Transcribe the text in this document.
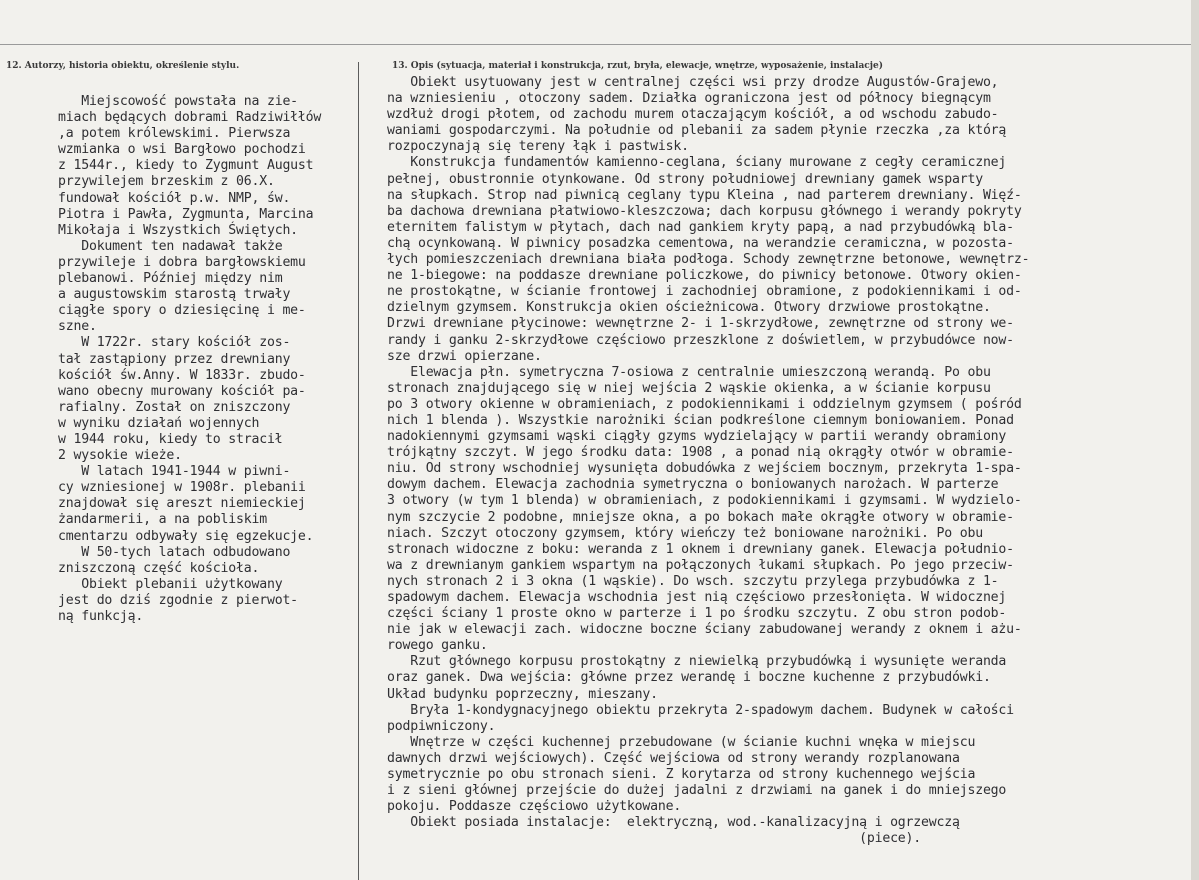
12. Autorzy, historia obiektu, określenie stylu.	13. Opis (sytuacja, materiał i konstrukcja, rzut, bryła, elewacje, wnętrze, wyposażenie, instalacje)
Miejscowość powstała na zie-
miach będących dobrami Radziwiłłów
,a potem królewskimi. Pierwsza
wzmianka o wsi Bargłowo pochodzi
z 1544r., kiedy to Zygmunt August
przywilejem brzeskim z 06.X.
fundował kościół p.w. NMP, św.
Piotra i Pawła, Zygmunta, Marcina
Mikołaja i Wszystkich Świętych.
Dokument ten nadawał także
przywileje i dobra bargłowskiemu
plebanowi. Później między nim
a augustowskim starostą trwały
ciągłe spory o dziesięcinę i me-
szne.
W 1722r. stary kościół zos-
tał zastąpiony przez drewniany
kościół św.Anny. W 1833r. zbudo-
wano obecny murowany kościół pa-
rafialny. Został on zniszczony
w wyniku działań wojennych
w 1944 roku, kiedy to stracił
2 wysokie wieże.
W latach 1941-1944 w piwni-
cy wzniesionej w 1908r. plebanii
znajdował się areszt niemieckiej
żandarmerii, a na pobliskim
cmentarzu odbywały się egzekucje.
W 50-tych latach odbudowano
zniszczoną część kościoła.
Obiekt plebanii użytkowany
jest do dziś zgodnie z pierwot-
ną funkcją.
Obiekt usytuowany jest w centralnej części wsi przy drodze Augustów-Grajewo,
na wzniesieniu , otoczony sadem. Działka ograniczona jest od północy biegnącym
wzdłuż drogi płotem, od zachodu murem otaczającym kościół, a od wschodu zabudo-
waniami gospodarczymi. Na południe od plebanii za sadem płynie rzeczka ,za którą
rozpoczynają się tereny łąk i pastwisk.
Konstrukcja fundamentów kamienno-ceglana, ściany murowane z cegły ceramicznej
pełnej, obustronnie otynkowane. Od strony południowej drewniany gamek wsparty
na słupkach. Strop nad piwnicą ceglany typu Kleina , nad parterem drewniany. Więź-
ba dachowa drewniana płatwiowo-kleszczowa; dach korpusu głównego i werandy pokryty
eternitem falistym w płytach, dach nad gankiem kryty papą, a nad przybudówką bla-
chą ocynkowaną. W piwnicy posadzka cementowa, na werandzie ceramiczna, w pozosta-
łych pomieszczeniach drewniana biała podłoga. Schody zewnętrzne betonowe, wewnętrz-
ne 1-biegowe: na poddasze drewniane policzkowe, do piwnicy betonowe. Otwory okien-
ne prostokątne, w ścianie frontowej i zachodniej obramione, z podokiennikami i od-
dzielnym gzymsem. Konstrukcja okien ościeżnicowa. Otwory drzwiowe prostokątne.
Drzwi drewniane płycinowe: wewnętrzne 2- i 1-skrzydłowe, zewnętrzne od strony we-
randy i ganku 2-skrzydłowe częściowo przeszklone z doświetlem, w przybudówce now-
sze drzwi opierzane.
Elewacja płn. symetryczna 7-osiowa z centralnie umieszczoną werandą. Po obu
stronach znajdującego się w niej wejścia 2 wąskie okienka, a w ścianie korpusu
po 3 otwory okienne w obramieniach, z podokiennikami i oddzielnym gzymsem ( pośród
nich 1 blenda ). Wszystkie narożniki ścian podkreślone ciemnym boniowaniem. Ponad
nadokiennymi gzymsami wąski ciągły gzyms wydzielający w partii werandy obramiony
trójkątny szczyt. W jego środku data: 1908 , a ponad nią okrągły otwór w obramie-
niu. Od strony wschodniej wysunięta dobudówka z wejściem bocznym, przekryta 1-spa-
dowym dachem. Elewacja zachodnia symetryczna o boniowanych narożach. W parterze
3 otwory (w tym 1 blenda) w obramieniach, z podokiennikami i gzymsami. W wydzielo-
nym szczycie 2 podobne, mniejsze okna, a po bokach małe okrągłe otwory w obramie-
niach. Szczyt otoczony gzymsem, który wieńczy też boniowane narożniki. Po obu
stronach widoczne z boku: weranda z 1 oknem i drewniany ganek. Elewacja południo-
wa z drewnianym gankiem wspartym na połączonych łukami słupkach. Po jego przeciw-
nych stronach 2 i 3 okna (1 wąskie). Do wsch. szczytu przylega przybudówka z 1-
spadowym dachem. Elewacja wschodnia jest nią częściowo przesłonięta. W widocznej
części ściany 1 proste okno w parterze i 1 po środku szczytu. Z obu stron podob-
nie jak w elewacji zach. widoczne boczne ściany zabudowanej werandy z oknem i ażu-
rowego ganku.
Rzut głównego korpusu prostokątny z niewielką przybudówką i wysunięte weranda
oraz ganek. Dwa wejścia: główne przez werandę i boczne kuchenne z przybudówki.
Układ budynku poprzeczny, mieszany.
Bryła 1-kondygnacyjnego obiektu przekryta 2-spadowym dachem. Budynek w całości
podpiwniczony.
Wnętrze w części kuchennej przebudowane (w ścianie kuchni wnęka w miejscu
dawnych drzwi wejściowych). Część wejściowa od strony werandy rozplanowana
symetrycznie po obu stronach sieni. Z korytarza od strony kuchennego wejścia
i z sieni głównej przejście do dużej jadalni z drzwiami na ganek i do mniejszego
pokoju. Poddasze częściowo użytkowane.
Obiekt posiada instalacje:  elektryczną, wod.-kanalizacyjną i ogrzewczą
(piece).
